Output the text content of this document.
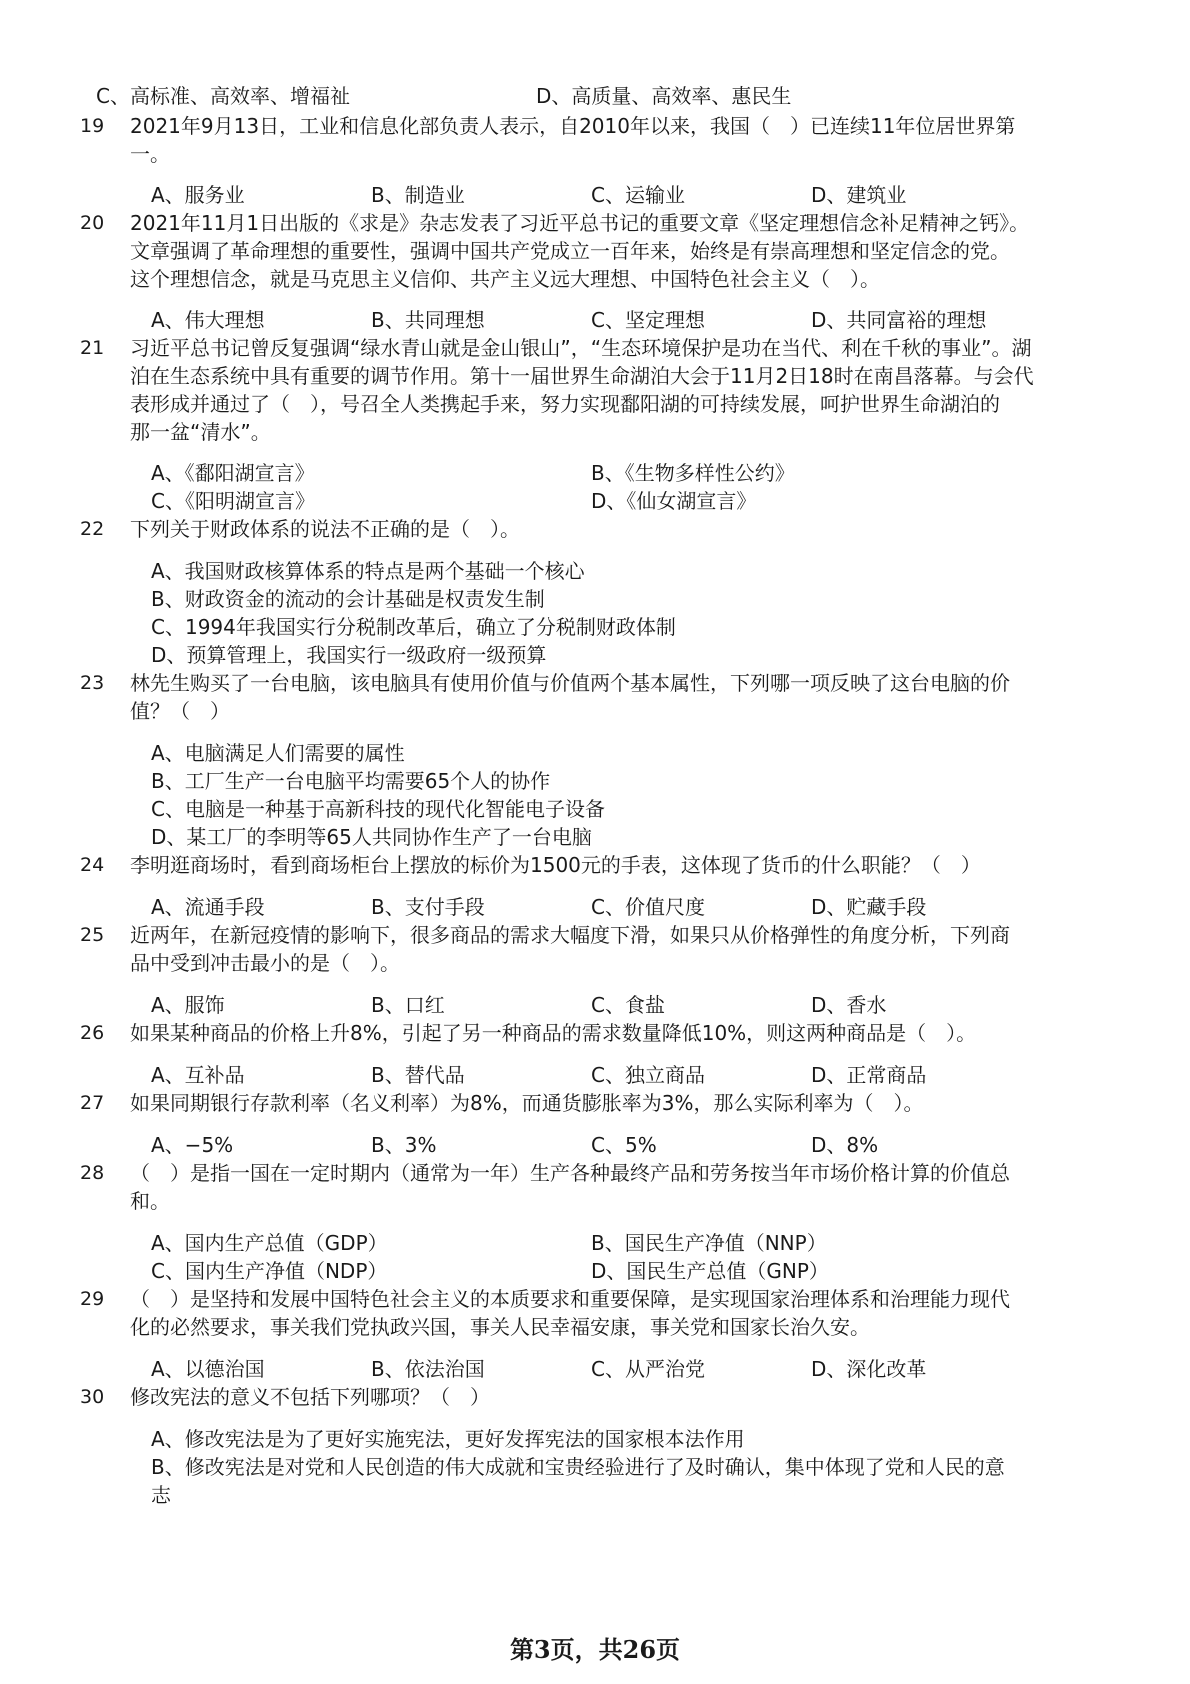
C、高标准、高效率、增福祉	D、高质量、高效率、惠民生
19	2021年9月13日，工业和信息化部负责人表示，自2010年以来，我国（　）已连续11年位居世界第
一。
A、服务业	B、制造业	C、运输业	D、建筑业
20	2021年11月1日出版的《求是》杂志发表了习近平总书记的重要文章《坚定理想信念补足精神之钙》。
文章强调了革命理想的重要性，强调中国共产党成立一百年来，始终是有崇高理想和坚定信念的党。
这个理想信念，就是马克思主义信仰、共产主义远大理想、中国特色社会主义（　）。
A、伟大理想	B、共同理想	C、坚定理想	D、共同富裕的理想
21	习近平总书记曾反复强调“绿水青山就是金山银山”，“生态环境保护是功在当代、利在千秋的事业”。湖
泊在生态系统中具有重要的调节作用。第十一届世界生命湖泊大会于11月2日18时在南昌落幕。与会代
表形成并通过了（　），号召全人类携起手来，努力实现鄱阳湖的可持续发展，呵护世界生命湖泊的
那一盆“清水”。
A、《鄱阳湖宣言》	B、《生物多样性公约》
C、《阳明湖宣言》	D、《仙女湖宣言》
22	下列关于财政体系的说法不正确的是（　）。
A、我国财政核算体系的特点是两个基础一个核心
B、财政资金的流动的会计基础是权责发生制
C、1994年我国实行分税制改革后，确立了分税制财政体制
D、预算管理上，我国实行一级政府一级预算
23	林先生购买了一台电脑，该电脑具有使用价值与价值两个基本属性，下列哪一项反映了这台电脑的价
值？（　）
A、电脑满足人们需要的属性
B、工厂生产一台电脑平均需要65个人的协作
C、电脑是一种基于高新科技的现代化智能电子设备
D、某工厂的李明等65人共同协作生产了一台电脑
24	李明逛商场时，看到商场柜台上摆放的标价为1500元的手表，这体现了货币的什么职能？（　）
A、流通手段	B、支付手段	C、价值尺度	D、贮藏手段
25	近两年，在新冠疫情的影响下，很多商品的需求大幅度下滑，如果只从价格弹性的角度分析，下列商
品中受到冲击最小的是（　）。
A、服饰	B、口红	C、食盐	D、香水
26	如果某种商品的价格上升8%，引起了另一种商品的需求数量降低10%，则这两种商品是（　）。
A、互补品	B、替代品	C、独立商品	D、正常商品
27	如果同期银行存款利率（名义利率）为8%，而通货膨胀率为3%，那么实际利率为（　）。
A、−5%	B、3%	C、5%	D、8%
28	（　）是指一国在一定时期内（通常为一年）生产各种最终产品和劳务按当年市场价格计算的价值总
和。
A、国内生产总值（GDP）	B、国民生产净值（NNP）
C、国内生产净值（NDP）	D、国民生产总值（GNP）
29	（　）是坚持和发展中国特色社会主义的本质要求和重要保障，是实现国家治理体系和治理能力现代
化的必然要求，事关我们党执政兴国，事关人民幸福安康，事关党和国家长治久安。
A、以德治国	B、依法治国	C、从严治党	D、深化改革
30	修改宪法的意义不包括下列哪项？（　）
A、修改宪法是为了更好实施宪法，更好发挥宪法的国家根本法作用
B、修改宪法是对党和人民创造的伟大成就和宝贵经验进行了及时确认，集中体现了党和人民的意
志
第3页，共26页
